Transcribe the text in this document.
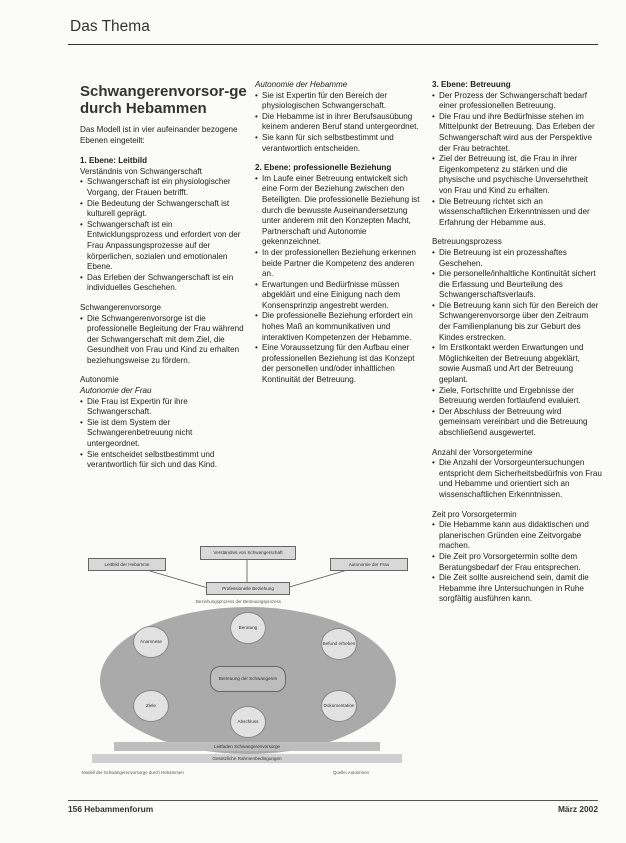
Das Thema
Schwangerenvorsor-ge durch Hebammen

Das Modell ist in vier aufeinander bezogene Ebenen eingeteilt:

1. Ebene: Leitbild

Verständnis von Schwangerschaft

• Schwangerschaft ist ein physiologischer Vorgang, der Frauen betrifft.
• Die Bedeutung der Schwangerschaft ist kulturell geprägt.
• Schwangerschaft ist ein Entwicklungsprozess und erfordert von der Frau Anpassungsprozesse auf der körperlichen, sozialen und emotionalen Ebene.
• Das Erleben der Schwangerschaft ist ein individuelles Geschehen.

Schwangerenvorsorge

• Die Schwangerenvorsorge ist die professionelle Begleitung der Frau während der Schwangerschaft mit dem Ziel, die Gesundheit von Frau und Kind zu erhalten beziehungsweise zu fördern.

Autonomie

Autonomie der Frau

• Die Frau ist Expertin für ihre Schwangerschaft.
• Sie ist dem System der Schwangerenbetreuung nicht untergeordnet.
• Sie entscheidet selbstbestimmt und verantwortlich für sich und das Kind.

Autonomie der Hebamme

• Sie ist Expertin für den Bereich der physiologischen Schwangerschaft.
• Die Hebamme ist in ihrer Berufsausübung keinem anderen Beruf stand untergeordnet.
• Sie kann für sich selbstbestimmt und verantwortlich entscheiden.

2. Ebene: professionelle Beziehung

• Im Laufe einer Betreuung entwickelt sich eine Form der Beziehung zwischen den Beteiligten. Die professionelle Beziehung ist durch die bewusste Auseinandersetzung unter anderem mit den Konzepten Macht, Partnerschaft und Autonomie gekennzeichnet.
• In der professionellen Beziehung erkennen beide Partner die Kompetenz des anderen an.
• Erwartungen und Bedürfnisse müssen abgeklärt und eine Einigung nach dem Konsensprinzip angestrebt werden.
• Die professionelle Beziehung erfordert ein hohes Maß an kommunikativen und interaktiven Kompetenzen der Hebamme.
• Eine Voraussetzung für den Aufbau einer professionellen Beziehung ist das Konzept der personellen und/oder inhaltlichen Kontinuität der Betreuung.

3. Ebene: Betreuung

• Der Prozess der Schwangerschaft bedarf einer professionellen Betreuung.
• Die Frau und ihre Bedürfnisse stehen im Mittelpunkt der Betreuung. Das Erleben der Schwangerschaft wird aus der Perspektive der Frau betrachtet.
• Ziel der Betreuung ist, die Frau in ihrer Eigenkompetenz zu stärken und die physische und psychische Unversehrtheit von Frau und Kind zu erhalten.
• Die Betreuung richtet sich an wissenschaftlichen Erkenntnissen und der Erfahrung der Hebamme aus.

Betreuungsprozess

• Die Betreuung ist ein prozesshaftes Geschehen.
• Die personelle/inhaltliche Kontinuität sichert die Erfassung und Beurteilung des Schwangerschaftsverlaufs.
• Die Betreuung kann sich für den Bereich der Schwangerenvorsorge über den Zeitraum der Familienplanung bis zur Geburt des Kindes erstrecken.
• Im Erstkontakt werden Erwartungen und Möglichkeiten der Betreuung abgeklärt, sowie Ausmaß und Art der Betreuung geplant.
• Ziele, Fortschritte und Ergebnisse der Betreuung werden fortlaufend evaluiert.
• Der Abschluss der Betreuung wird gemeinsam vereinbart und die Betreuung abschließend ausgewertet.

Anzahl der Vorsorgetermine

• Die Anzahl der Vorsorgeuntersuchungen entspricht dem Sicherheitsbedürfnis von Frau und Hebamme und orientiert sich an wissenschaftlichen Erkenntnissen.

Zeit pro Vorsorgetermin

• Die Hebamme kann aus didaktischen und planerischen Gründen eine Zeitvorgabe machen.
• Die Zeit pro Vorsorgetermin sollte dem Beratungsbedarf der Frau entsprechen.
• Die Zeit sollte ausreichend sein, damit die Hebamme ihre Untersuchungen in Ruhe sorgfältig ausführen kann.
Verständnis von Schwangerschaft
Leitbild der Hebamme	Autonomie der Frau
Professionelle Beziehung
Beziehungsprozess der Betreuungsprozess
Anamnese
Beratung
Befund erheben
Ziele
Abschluss
Dokumentation
Betreuung der Schwangeren
Leitfaden Schwangerenvorsorge
Gesetzliche Rahmenbedingungen
Modell der Schwangerenvorsorge durch Hebammen	Quelle: Autorinnen
156 Hebammenforum	März 2002
